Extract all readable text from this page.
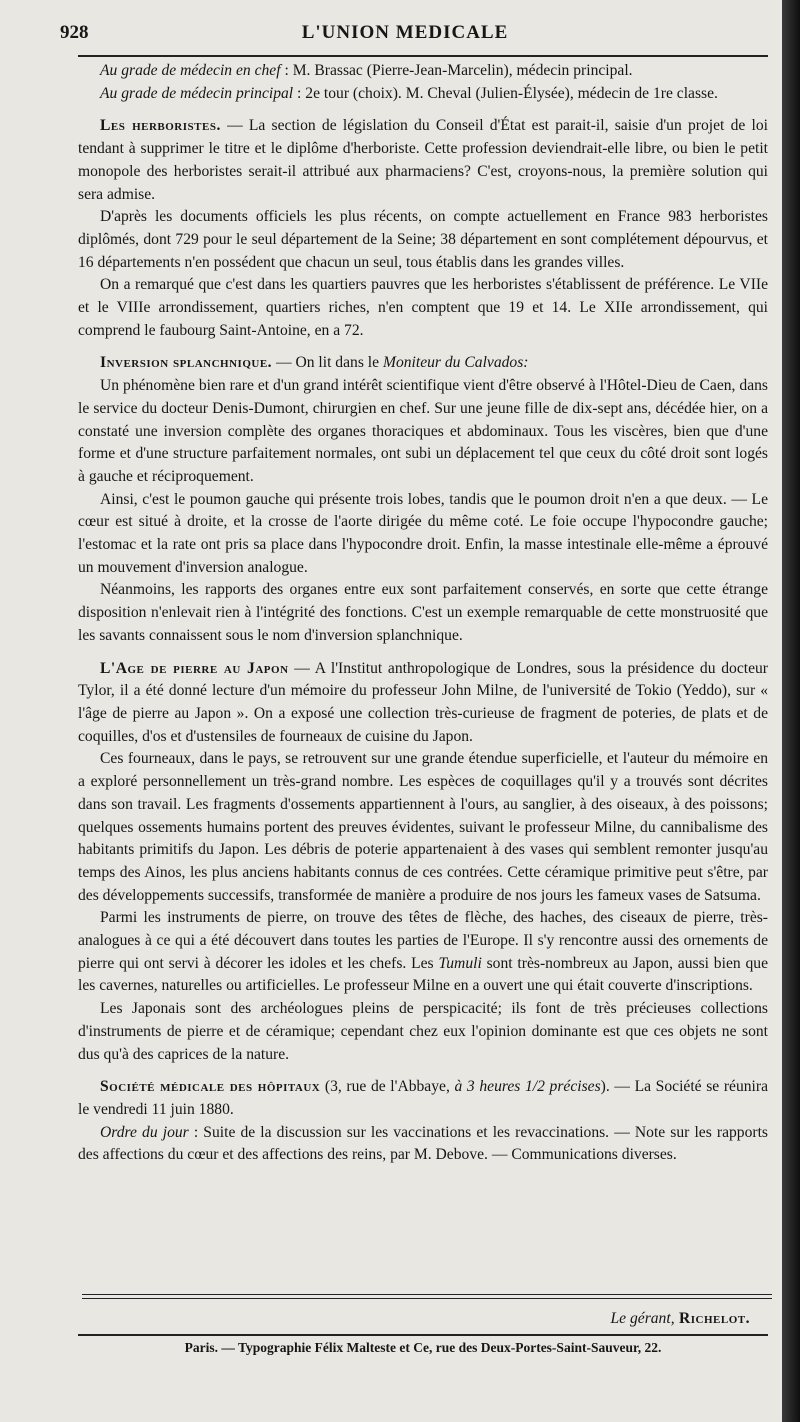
928	L'UNION MEDICALE

Au grade de médecin en chef : M. Brassac (Pierre-Jean-Marcelin), médecin principal.

Au grade de médecin principal : 2e tour (choix). M. Cheval (Julien-Élysée), médecin de 1re classe.

Les herboristes. — La section de législation du Conseil d'État est parait-il, saisie d'un projet de loi tendant à supprimer le titre et le diplôme d'herboriste. Cette profession deviendrait-elle libre, ou bien le petit monopole des herboristes serait-il attribué aux pharmaciens? C'est, croyons-nous, la première solution qui sera admise.

D'après les documents officiels les plus récents, on compte actuellement en France 983 herboristes diplômés, dont 729 pour le seul département de la Seine; 38 département en sont complétement dépourvus, et 16 départements n'en possédent que chacun un seul, tous établis dans les grandes villes.

On a remarqué que c'est dans les quartiers pauvres que les herboristes s'établissent de préférence. Le VIIe et le VIIIe arrondissement, quartiers riches, n'en comptent que 19 et 14. Le XIIe arrondissement, qui comprend le faubourg Saint-Antoine, en a 72.

Inversion splanchnique. — On lit dans le Moniteur du Calvados:

Un phénomène bien rare et d'un grand intérêt scientifique vient d'être observé à l'Hôtel-Dieu de Caen, dans le service du docteur Denis-Dumont, chirurgien en chef. Sur une jeune fille de dix-sept ans, décédée hier, on a constaté une inversion complète des organes thoraciques et abdominaux. Tous les viscères, bien que d'une forme et d'une structure parfaitement normales, ont subi un déplacement tel que ceux du côté droit sont logés à gauche et réciproquement.

Ainsi, c'est le poumon gauche qui présente trois lobes, tandis que le poumon droit n'en a que deux. — Le cœur est situé à droite, et la crosse de l'aorte dirigée du même coté. Le foie occupe l'hypocondre gauche; l'estomac et la rate ont pris sa place dans l'hypocondre droit. Enfin, la masse intestinale elle-même a éprouvé un mouvement d'inversion analogue.

Néanmoins, les rapports des organes entre eux sont parfaitement conservés, en sorte que cette étrange disposition n'enlevait rien à l'intégrité des fonctions. C'est un exemple remarquable de cette monstruosité que les savants connaissent sous le nom d'inversion splanchnique.

L'Age de pierre au Japon — A l'Institut anthropologique de Londres, sous la présidence du docteur Tylor, il a été donné lecture d'un mémoire du professeur John Milne, de l'université de Tokio (Yeddo), sur « l'âge de pierre au Japon ». On a exposé une collection très-curieuse de fragment de poteries, de plats et de coquilles, d'os et d'ustensiles de fourneaux de cuisine du Japon.

Ces fourneaux, dans le pays, se retrouvent sur une grande étendue superficielle, et l'auteur du mémoire en a exploré personnellement un très-grand nombre. Les espèces de coquillages qu'il y a trouvés sont décrites dans son travail. Les fragments d'ossements appartiennent à l'ours, au sanglier, à des oiseaux, à des poissons; quelques ossements humains portent des preuves évidentes, suivant le professeur Milne, du cannibalisme des habitants primitifs du Japon. Les débris de poterie appartenaient à des vases qui semblent remonter jusqu'au temps des Ainos, les plus anciens habitants connus de ces contrées. Cette céramique primitive peut s'être, par des développements successifs, transformée de manière a produire de nos jours les fameux vases de Satsuma.

Parmi les instruments de pierre, on trouve des têtes de flèche, des haches, des ciseaux de pierre, très-analogues à ce qui a été découvert dans toutes les parties de l'Europe. Il s'y rencontre aussi des ornements de pierre qui ont servi à décorer les idoles et les chefs. Les Tumuli sont très-nombreux au Japon, aussi bien que les cavernes, naturelles ou artificielles. Le professeur Milne en a ouvert une qui était couverte d'inscriptions.

Les Japonais sont des archéologues pleins de perspicacité; ils font de très précieuses collections d'instruments de pierre et de céramique; cependant chez eux l'opinion dominante est que ces objets ne sont dus qu'à des caprices de la nature.

Société médicale des hôpitaux (3, rue de l'Abbaye, à 3 heures 1/2 précises). — La Société se réunira le vendredi 11 juin 1880.

Ordre du jour : Suite de la discussion sur les vaccinations et les revaccinations. — Note sur les rapports des affections du cœur et des affections des reins, par M. Debove. — Communications diverses.

Le gérant, Richelot.
Paris. — Typographie Félix Malteste et Ce, rue des Deux-Portes-Saint-Sauveur, 22.
